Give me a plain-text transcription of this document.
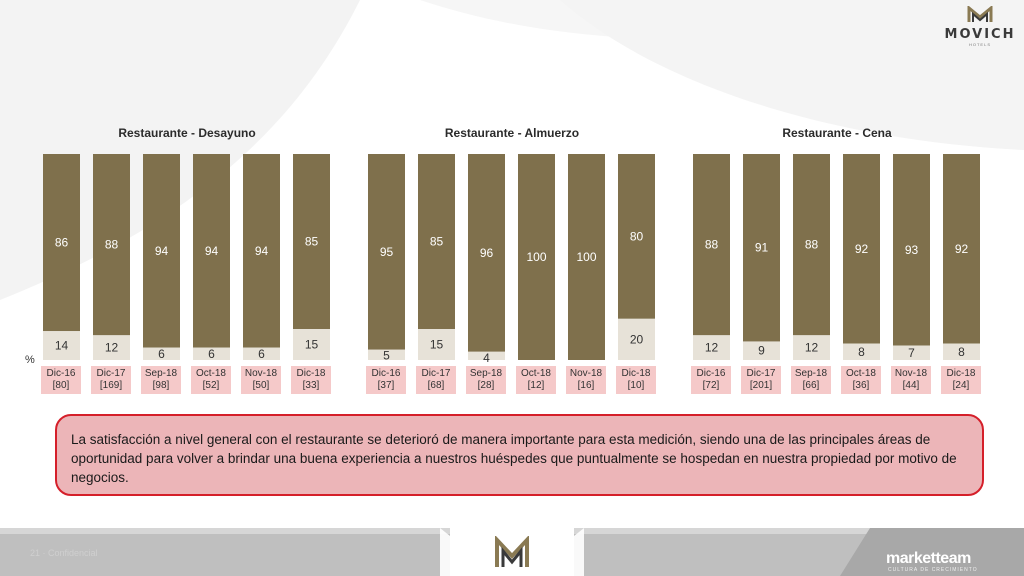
MOVICH
HOTELS
Restaurante - Desayuno	Restaurante - Almuerzo	Restaurante - Cena
%
86
14
88
12
94
6
94
6
94
6
85
15
95
5
85
15
96
4
100 100
80
20
88
12
91
9
88
12
92
8
93
7
92
8
Dic-16
[80]
Dic-17
[169]
Sep-18
[98]
Oct-18
[52]
Nov-18
[50]
Dic-18
[33]
Dic-16
[37]
Dic-17
[68]
Sep-18
[28]
Oct-18
[12]
Nov-18
[16]
Dic-18
[10]
Dic-16
[72]
Dic-17
[201]
Sep-18
[66]
Oct-18
[36]
Nov-18
[44]
Dic-18
[24]
La satisfacción a nivel general con el restaurante se deterioró de manera importante para esta medición, siendo una de las principales áreas de oportunidad para volver a brindar una buena experiencia a nuestros huéspedes que puntualmente se hospedan en nuestra propiedad por motivo de negocios.
21 · Confidencial	marketteam
CULTURA DE CRECIMIENTO
